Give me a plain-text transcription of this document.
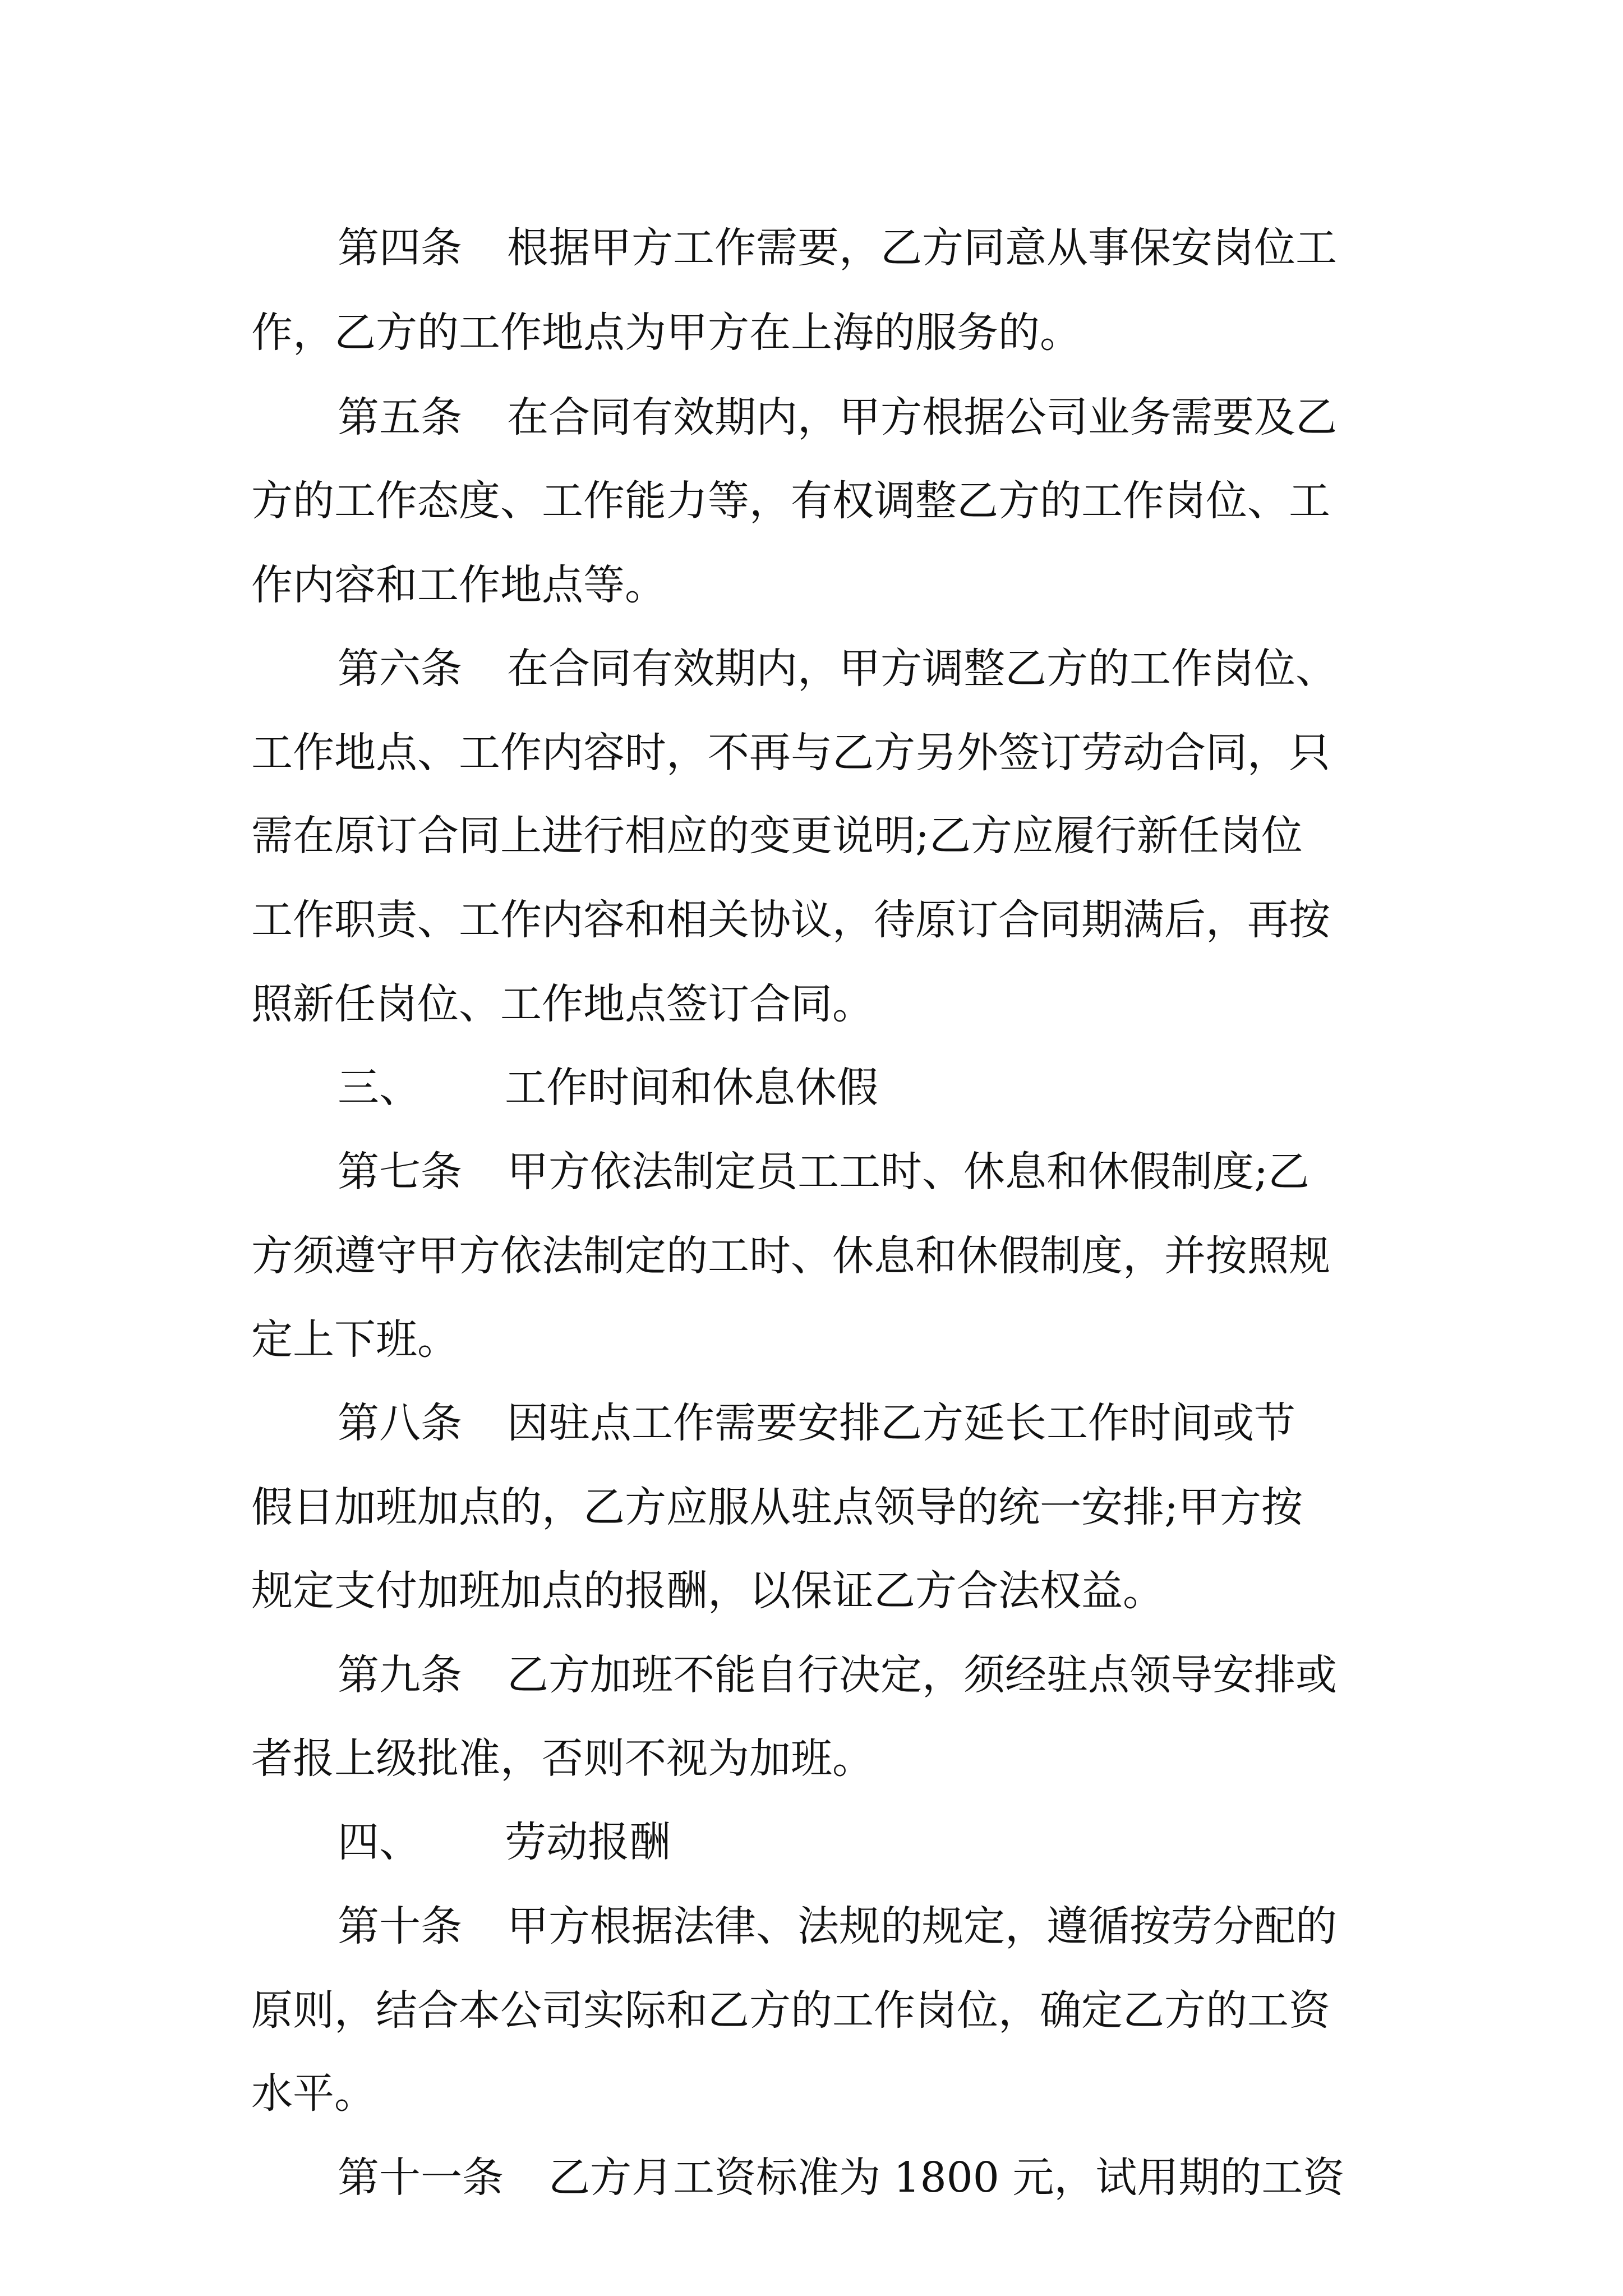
第四条 根据甲方工作需要，乙方同意从事保安岗位工

作，乙方的工作地点为甲方在上海的服务的。

第五条 在合同有效期内，甲方根据公司业务需要及乙

方的工作态度、工作能力等，有权调整乙方的工作岗位、工

作内容和工作地点等。

第六条 在合同有效期内，甲方调整乙方的工作岗位、

工作地点、工作内容时，不再与乙方另外签订劳动合同，只

需在原订合同上进行相应的变更说明;乙方应履行新任岗位

工作职责、工作内容和相关协议，待原订合同期满后，再按

照新任岗位、工作地点签订合同。

三、 工作时间和休息休假

第七条 甲方依法制定员工工时、休息和休假制度;乙

方须遵守甲方依法制定的工时、休息和休假制度，并按照规

定上下班。

第八条 因驻点工作需要安排乙方延长工作时间或节

假日加班加点的，乙方应服从驻点领导的统一安排;甲方按

规定支付加班加点的报酬，以保证乙方合法权益。

第九条 乙方加班不能自行决定，须经驻点领导安排或

者报上级批准，否则不视为加班。

四、 劳动报酬

第十条 甲方根据法律、法规的规定，遵循按劳分配的

原则，结合本公司实际和乙方的工作岗位，确定乙方的工资

水平。

第十一条 乙方月工资标准为 1800 元，试用期的工资
